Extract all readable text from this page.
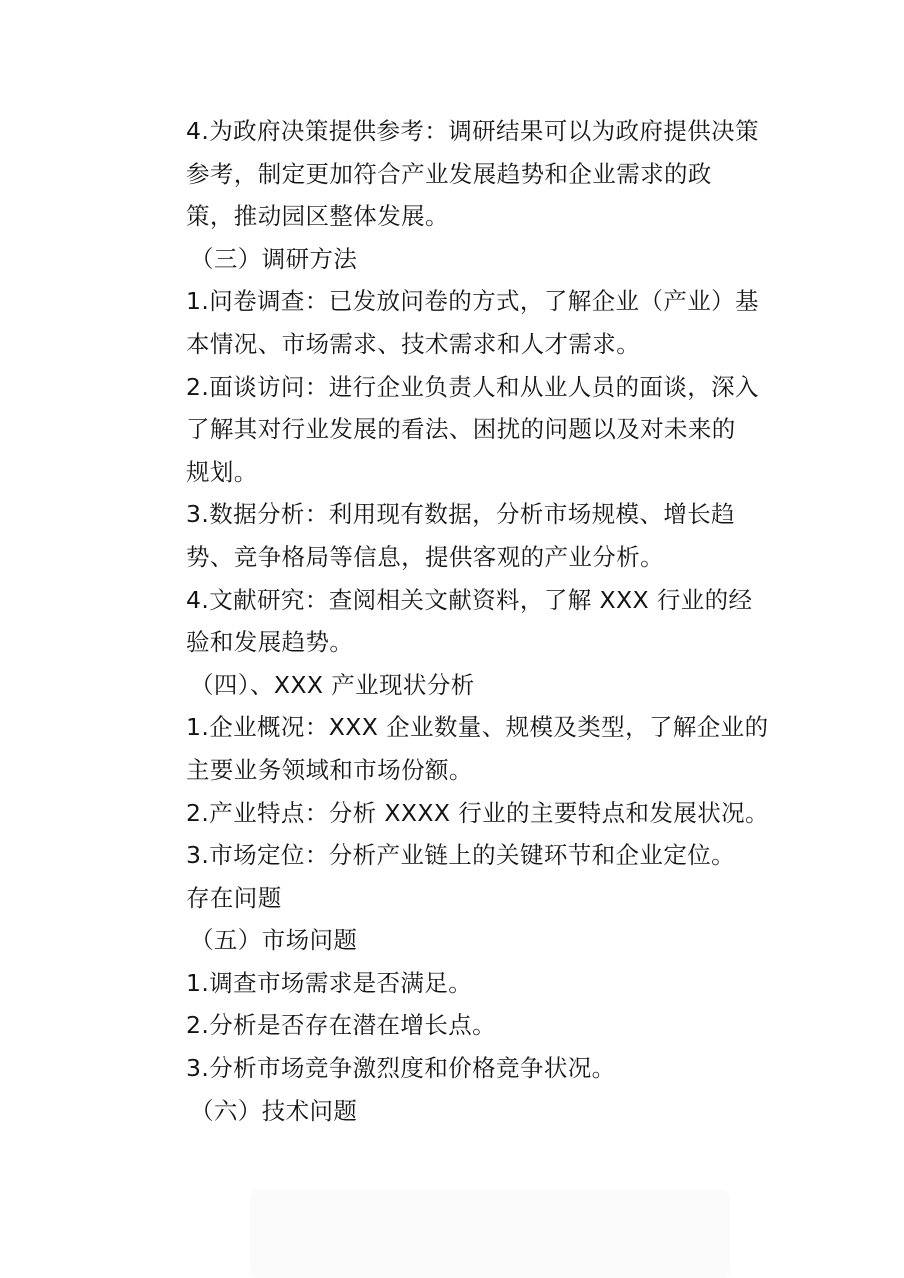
4.为政府决策提供参考：调研结果可以为政府提供决策
参考，制定更加符合产业发展趋势和企业需求的政
策，推动园区整体发展。
（三）调研方法
1.问卷调查：已发放问卷的方式，了解企业（产业）基
本情况、市场需求、技术需求和人才需求。
2.面谈访问：进行企业负责人和从业人员的面谈，深入
了解其对行业发展的看法、困扰的问题以及对未来的
规划。
3.数据分析：利用现有数据，分析市场规模、增长趋
势、竞争格局等信息，提供客观的产业分析。
4.文献研究：查阅相关文献资料，了解 XXX 行业的经
验和发展趋势。
（四）、XXX 产业现状分析
1.企业概况：XXX 企业数量、规模及类型，了解企业的
主要业务领域和市场份额。
2.产业特点：分析 XXXX 行业的主要特点和发展状况。
3.市场定位：分析产业链上的关键环节和企业定位。
存在问题
（五）市场问题
1.调查市场需求是否满足。
2.分析是否存在潜在增长点。
3.分析市场竞争激烈度和价格竞争状况。
（六）技术问题
